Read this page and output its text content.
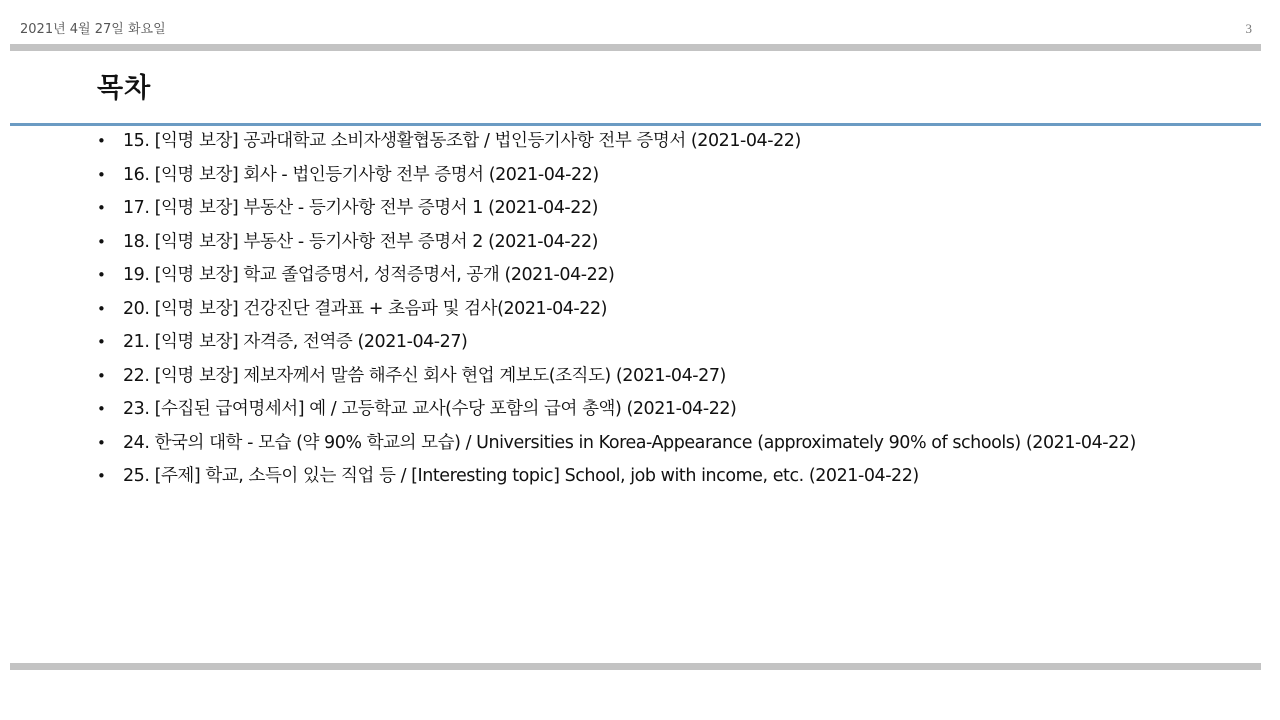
2021년 4월 27일 화요일	3
목차
• 15. [익명 보장] 공과대학교 소비자생활협동조합 / 법인등기사항 전부 증명서 (2021-04-22)
• 16. [익명 보장] 회사 - 법인등기사항 전부 증명서 (2021-04-22)
• 17. [익명 보장] 부동산 - 등기사항 전부 증명서 1 (2021-04-22)
• 18. [익명 보장] 부동산 - 등기사항 전부 증명서 2 (2021-04-22)
• 19. [익명 보장] 학교 졸업증명서, 성적증명서, 공개 (2021-04-22)
• 20. [익명 보장] 건강진단 결과표 + 초음파 및 검사(2021-04-22)
• 21. [익명 보장] 자격증, 전역증 (2021-04-27)
• 22. [익명 보장] 제보자께서 말씀 해주신 회사 현업 계보도(조직도) (2021-04-27)
• 23. [수집된 급여명세서] 예 / 고등학교 교사(수당 포함의 급여 총액) (2021-04-22)
• 24. 한국의 대학 - 모습 (약 90% 학교의 모습) / Universities in Korea-Appearance (approximately 90% of schools) (2021-04-22)
• 25. [주제] 학교, 소득이 있는 직업 등 / [Interesting topic] School, job with income, etc. (2021-04-22)
